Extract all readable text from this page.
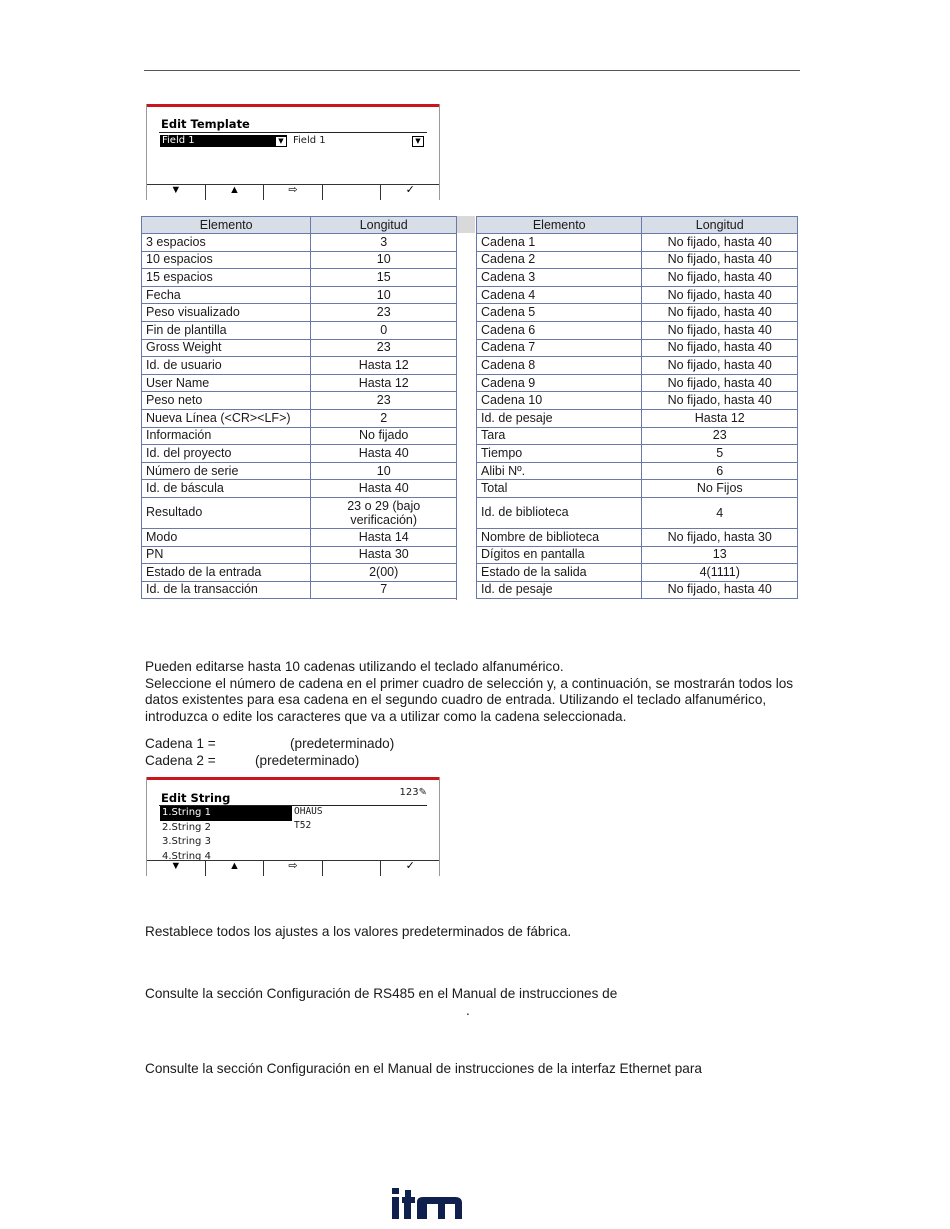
Edit Template
Field 1	▼ Field 1	▼
▼	▲	⇨	✓
Elemento	Longitud
3 espacios	3
10 espacios	10
15 espacios	15
Fecha	10
Peso visualizado	23
Fin de plantilla	0
Gross Weight	23
Id. de usuario	Hasta 12
User Name	Hasta 12
Peso neto	23
Nueva Línea (<CR><LF>)	2
Información	No fijado
Id. del proyecto	Hasta 40
Número de serie	10
Id. de báscula	Hasta 40
Resultado	23 o 29 (bajo verificación)
Modo	Hasta 14
PN	Hasta 30
Estado de la entrada	2(00)
Id. de la transacción	7
Elemento	Longitud
Cadena 1	No fijado, hasta 40
Cadena 2	No fijado, hasta 40
Cadena 3	No fijado, hasta 40
Cadena 4	No fijado, hasta 40
Cadena 5	No fijado, hasta 40
Cadena 6	No fijado, hasta 40
Cadena 7	No fijado, hasta 40
Cadena 8	No fijado, hasta 40
Cadena 9	No fijado, hasta 40
Cadena 10	No fijado, hasta 40
Id. de pesaje	Hasta 12
Tara	23
Tiempo	5
Alibi Nº.	6
Total	No Fijos
Id. de biblioteca	4
Nombre de biblioteca	No fijado, hasta 30
Dígitos en pantalla	13
Estado de la salida	4(1111)
Id. de pesaje	No fijado, hasta 40
Pueden editarse hasta 10 cadenas utilizando el teclado alfanumérico.
Seleccione el número de cadena en el primer cuadro de selección y, a continuación, se mostrarán todos los
datos existentes para esa cadena en el segundo cuadro de entrada. Utilizando el teclado alfanumérico,
introduzca o edite los caracteres que va a utilizar como la cadena seleccionada.
Cadena 1 =	(predeterminado)
Cadena 2 =	(predeterminado)
Edit String	123✎
1.String 1
2.String 2
3.String 3
4.String 4
OHAUS
T52
▼	▲	⇨	✓
Restablece todos los ajustes a los valores predeterminados de fábrica.
Consulte la sección Configuración de RS485 en el Manual de instrucciones de
.
Consulte la sección Configuración en el Manual de instrucciones de la interfaz Ethernet para
